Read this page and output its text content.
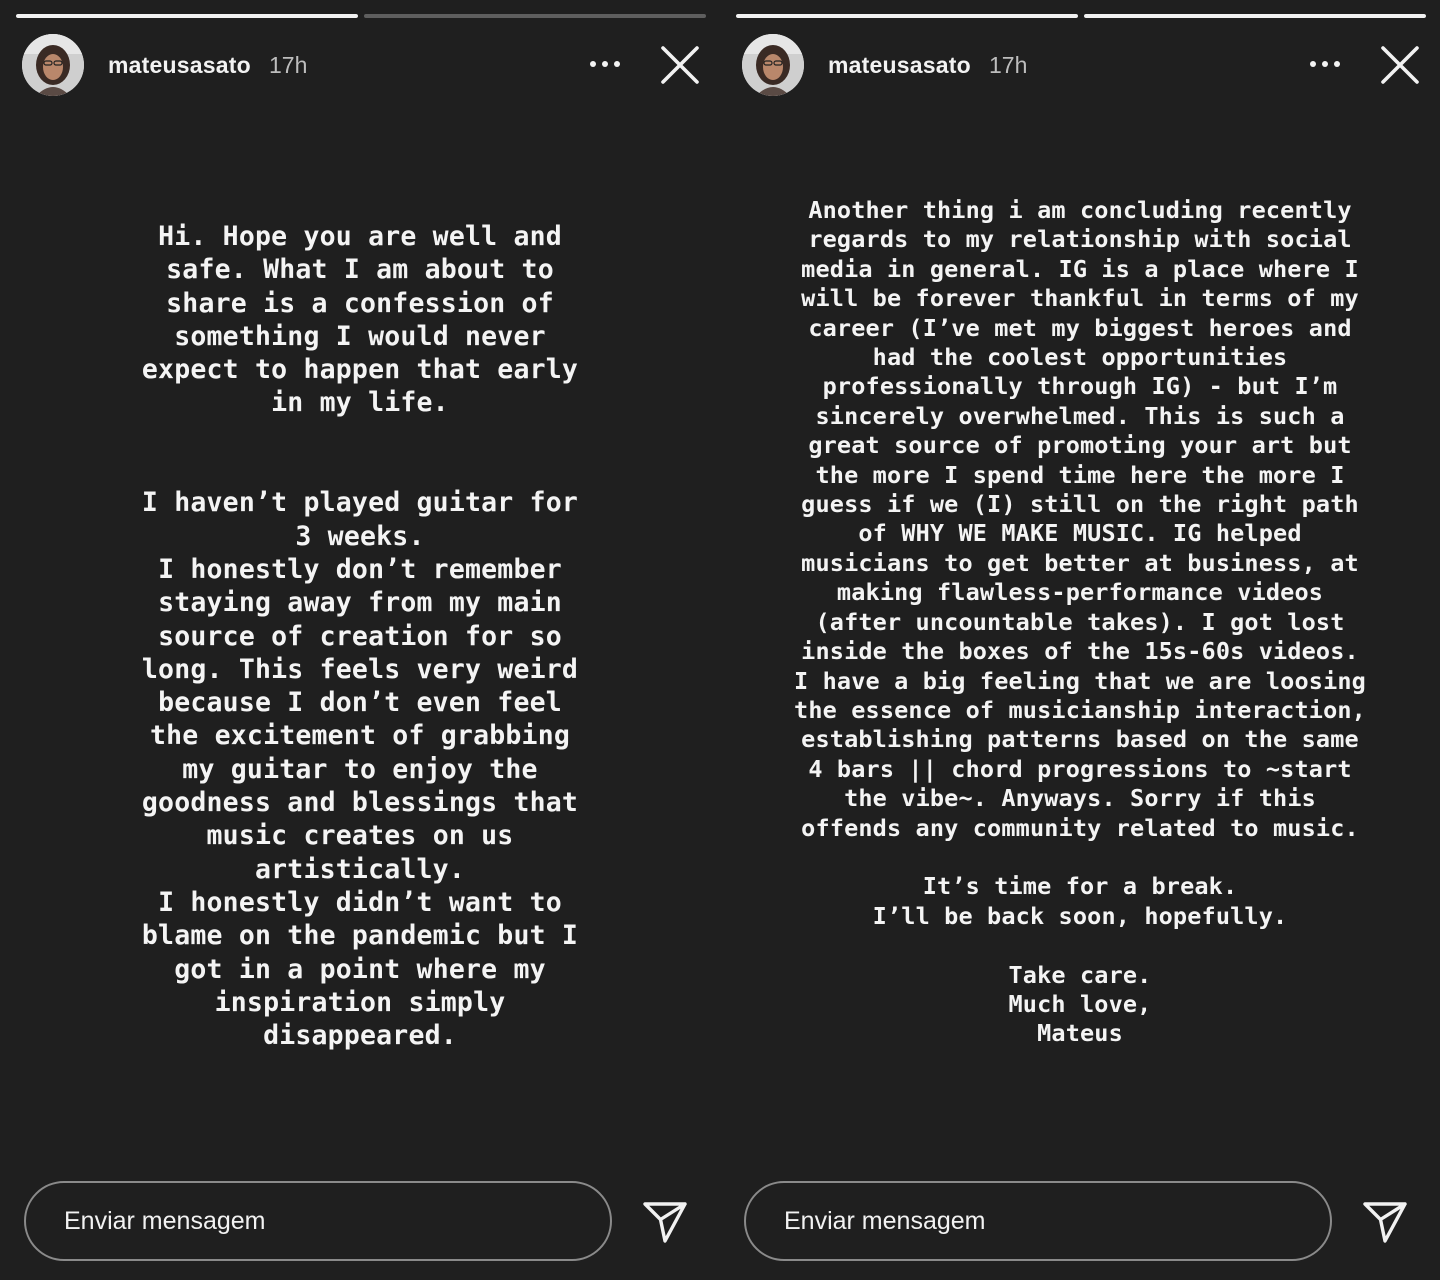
mateusasato 17h
Hi. Hope you are well and
safe. What I am about to
share is a confession of
something I would never
expect to happen that early
in my life.

I haven’t played guitar for
3 weeks.
I honestly don’t remember
staying away from my main
source of creation for so
long. This feels very weird
because I don’t even feel
the excitement of grabbing
my guitar to enjoy the
goodness and blessings that
music creates on us
artistically.
I honestly didn’t want to
blame on the pandemic but I
got in a point where my
inspiration simply
disappeared.
Enviar mensagem
mateusasato 17h
Another thing i am concluding recently
regards to my relationship with social
media in general. IG is a place where I
will be forever thankful in terms of my
career (I’ve met my biggest heroes and
had the coolest opportunities
professionally through IG) - but I’m
sincerely overwhelmed. This is such a
great source of promoting your art but
the more I spend time here the more I
guess if we (I) still on the right path
of WHY WE MAKE MUSIC. IG helped
musicians to get better at business, at
making flawless-performance videos
(after uncountable takes). I got lost
inside the boxes of the 15s-60s videos.
I have a big feeling that we are loosing
the essence of musicianship interaction,
establishing patterns based on the same
4 bars || chord progressions to ~start
the vibe~. Anyways. Sorry if this
offends any community related to music.

It’s time for a break.
I’ll be back soon, hopefully.

Take care.
Much love,
Mateus
Enviar mensagem
